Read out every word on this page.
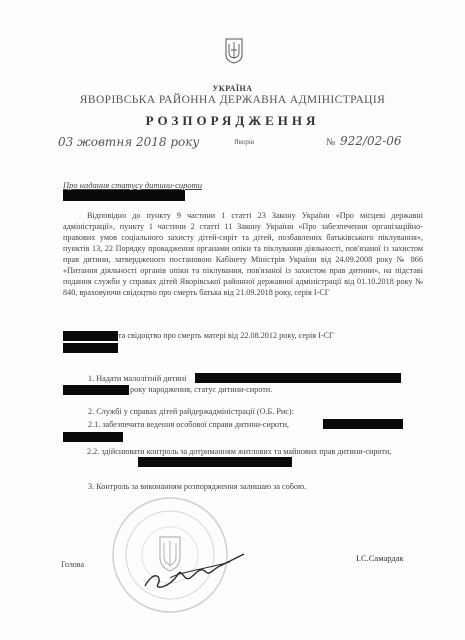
УКРАЇНА
ЯВОРІВСЬКА РАЙОННА ДЕРЖАВНА АДМІНІСТРАЦІЯ
РОЗПОРЯДЖЕННЯ
03 жовтня 2018 року	Яворів	№ 922/02-06
Про надання статусу дитини-сироти

Відповідно до пункту 9 частини 1 статті 23 Закону України «Про місцеві державні адміністрації», пункту 1 частини 2 статті 11 Закону України «Про забезпечення організаційно-правових умов соціального захисту дітей-сиріт та дітей, позбавлених батьківського піклування», пунктів 13, 22 Порядку провадження органами опіки та піклування діяльності, пов'язаної із захистом прав дитини, затвердженого постановою Кабінету Міністрів України від 24.09.2008 року № 866 «Питання діяльності органів опіки та піклування, пов'язаної із захистом прав дитини», на підставі подання служби у справах дітей Яворівської районної державної адміністрації від 01.10.2018 року № 840, враховуючи свідоцтво про смерть батька від 21.09.2018 року, серія I-СГ

та свідоцтво про смерть матері від 22.08.2012 року, серія I-СГ
1. Надати малолітній дитині
року народження, статус дитини-сироти.
2. Службі у справах дітей райдержадміністрації (О.Б. Рис):
2.1. забезпечити ведення особової справи дитини-сироти,

2.2. здійснювати контроль за дотриманням житлових та майнових прав дитини-сироти,

3. Контроль за виконанням розпорядження залишаю за собою.
Голова
І.С.Самардак
